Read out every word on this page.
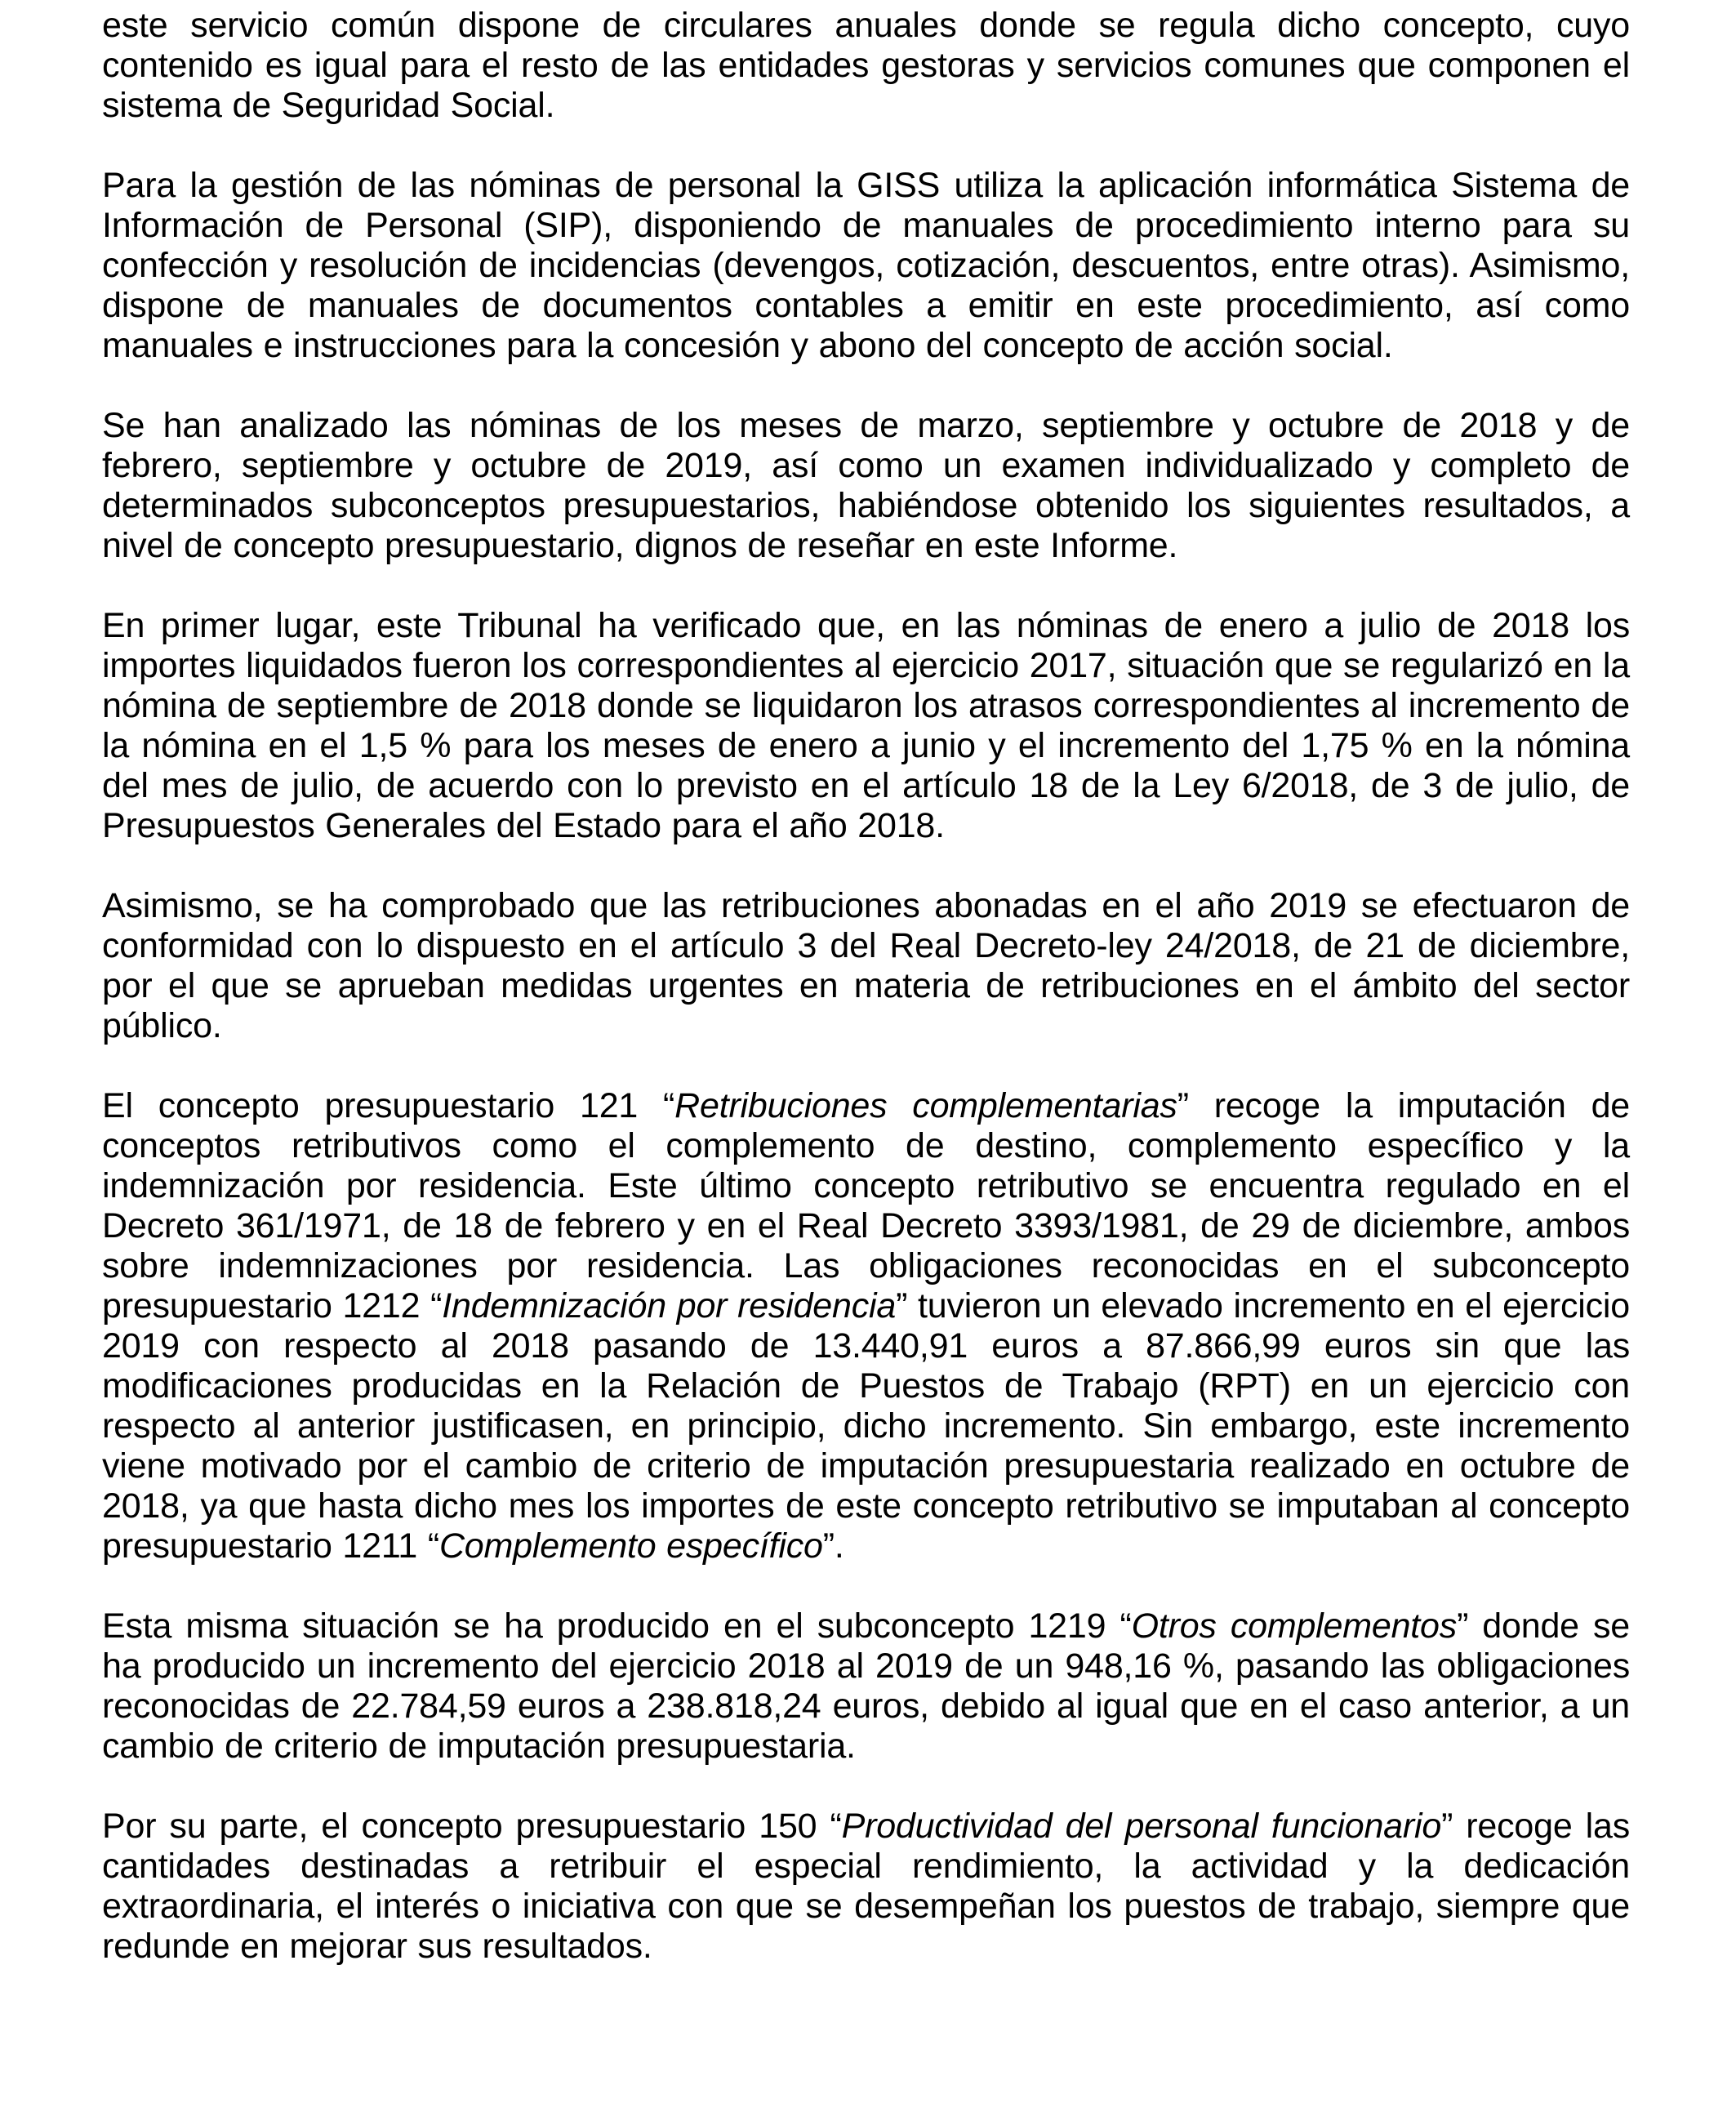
este servicio común dispone de circulares anuales donde se regula dicho concepto, cuyo contenido es igual para el resto de las entidades gestoras y servicios comunes que componen el sistema de Seguridad Social.

Para la gestión de las nóminas de personal la GISS utiliza la aplicación informática Sistema de Información de Personal (SIP), disponiendo de manuales de procedimiento interno para su confección y resolución de incidencias (devengos, cotización, descuentos, entre otras). Asimismo, dispone de manuales de documentos contables a emitir en este procedimiento, así como manuales e instrucciones para la concesión y abono del concepto de acción social.

Se han analizado las nóminas de los meses de marzo, septiembre y octubre de 2018 y de febrero, septiembre y octubre de 2019, así como un examen individualizado y completo de determinados subconceptos presupuestarios, habiéndose obtenido los siguientes resultados, a nivel de concepto presupuestario, dignos de reseñar en este Informe.

En primer lugar, este Tribunal ha verificado que, en las nóminas de enero a julio de 2018 los importes liquidados fueron los correspondientes al ejercicio 2017, situación que se regularizó en la nómina de septiembre de 2018 donde se liquidaron los atrasos correspondientes al incremento de la nómina en el 1,5 % para los meses de enero a junio y el incremento del 1,75 % en la nómina del mes de julio, de acuerdo con lo previsto en el artículo 18 de la Ley 6/2018, de 3 de julio, de Presupuestos Generales del Estado para el año 2018.

Asimismo, se ha comprobado que las retribuciones abonadas en el año 2019 se efectuaron de conformidad con lo dispuesto en el artículo 3 del Real Decreto-ley 24/2018, de 21 de diciembre, por el que se aprueban medidas urgentes en materia de retribuciones en el ámbito del sector público.

El concepto presupuestario 121 “Retribuciones complementarias” recoge la imputación de conceptos retributivos como el complemento de destino, complemento específico y la indemnización por residencia. Este último concepto retributivo se encuentra regulado en el Decreto 361/1971, de 18 de febrero y en el Real Decreto 3393/1981, de 29 de diciembre, ambos sobre indemnizaciones por residencia. Las obligaciones reconocidas en el subconcepto presupuestario 1212 “Indemnización por residencia” tuvieron un elevado incremento en el ejercicio 2019 con respecto al 2018 pasando de 13.440,91 euros a 87.866,99 euros sin que las modificaciones producidas en la Relación de Puestos de Trabajo (RPT) en un ejercicio con respecto al anterior justificasen, en principio, dicho incremento. Sin embargo, este incremento viene motivado por el cambio de criterio de imputación presupuestaria realizado en octubre de 2018, ya que hasta dicho mes los importes de este concepto retributivo se imputaban al concepto presupuestario 1211 “Complemento específico”.

Esta misma situación se ha producido en el subconcepto 1219 “Otros complementos” donde se ha producido un incremento del ejercicio 2018 al 2019 de un 948,16 %, pasando las obligaciones reconocidas de 22.784,59 euros a 238.818,24 euros, debido al igual que en el caso anterior, a un cambio de criterio de imputación presupuestaria.

Por su parte, el concepto presupuestario 150 “Productividad del personal funcionario” recoge las cantidades destinadas a retribuir el especial rendimiento, la actividad y la dedicación extraordinaria, el interés o iniciativa con que se desempeñan los puestos de trabajo, siempre que redunde en mejorar sus resultados.
